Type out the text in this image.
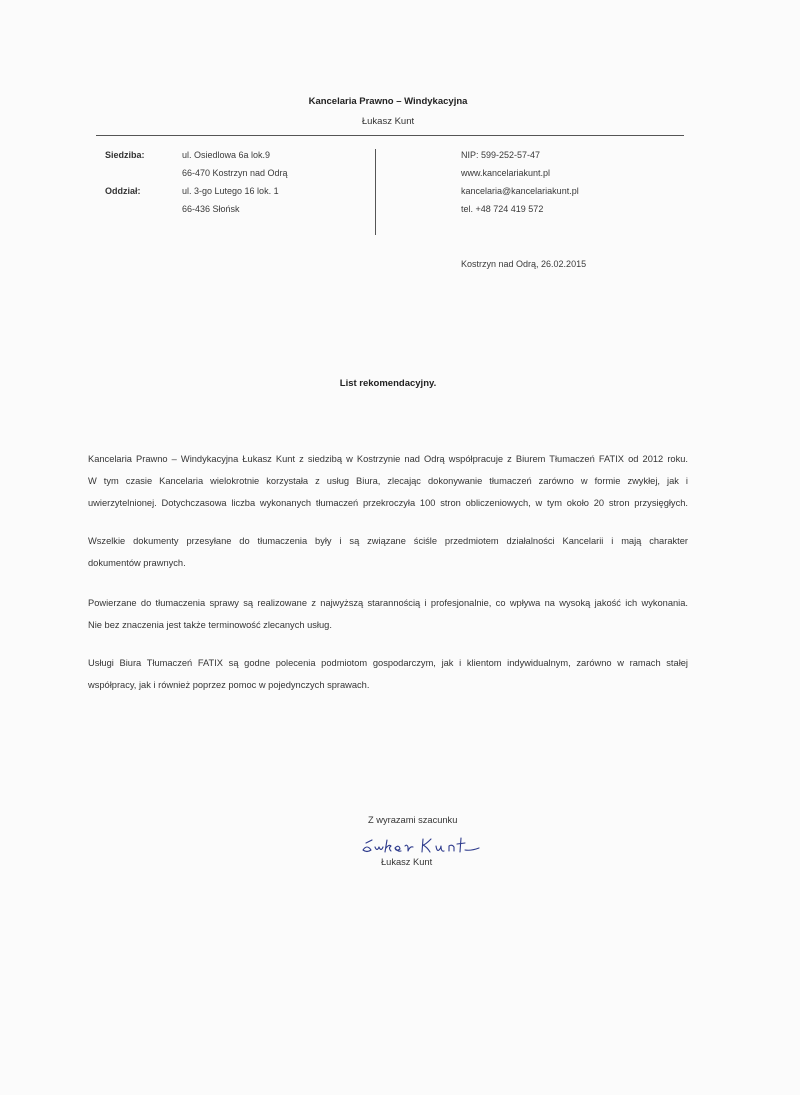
Kancelaria Prawno – Windykacyjna
Łukasz Kunt
Siedziba:	ul. Osiedlowa 6a lok.9
66-470 Kostrzyn nad Odrą
Oddział:	ul. 3-go Lutego 16 lok. 1
66-436 Słońsk
NIP: 599-252-57-47
www.kancelariakunt.pl
kancelaria@kancelariakunt.pl
tel. +48 724 419 572
Kostrzyn nad Odrą, 26.02.2015
List rekomendacyjny.
Kancelaria Prawno – Windykacyjna Łukasz Kunt z siedzibą w Kostrzynie nad Odrą współpracuje z Biurem Tłumaczeń FATIX od 2012 roku.
W tym czasie Kancelaria wielokrotnie korzystała z usług Biura, zlecając dokonywanie tłumaczeń zarówno w formie zwykłej, jak i
uwierzytelnionej. Dotychczasowa liczba wykonanych tłumaczeń przekroczyła 100 stron obliczeniowych, w tym około 20 stron przysięgłych.
Wszelkie dokumenty przesyłane do tłumaczenia były i są związane ściśle przedmiotem działalności Kancelarii i mają charakter
dokumentów prawnych.
Powierzane do tłumaczenia sprawy są realizowane z najwyższą starannością i profesjonalnie, co wpływa na wysoką jakość ich wykonania.
Nie bez znaczenia jest także terminowość zlecanych usług.
Usługi Biura Tłumaczeń FATIX są godne polecenia podmiotom gospodarczym, jak i klientom indywidualnym, zarówno w ramach stałej
współpracy, jak i również poprzez pomoc w pojedynczych sprawach.
Z wyrazami szacunku
Łukasz Kunt
